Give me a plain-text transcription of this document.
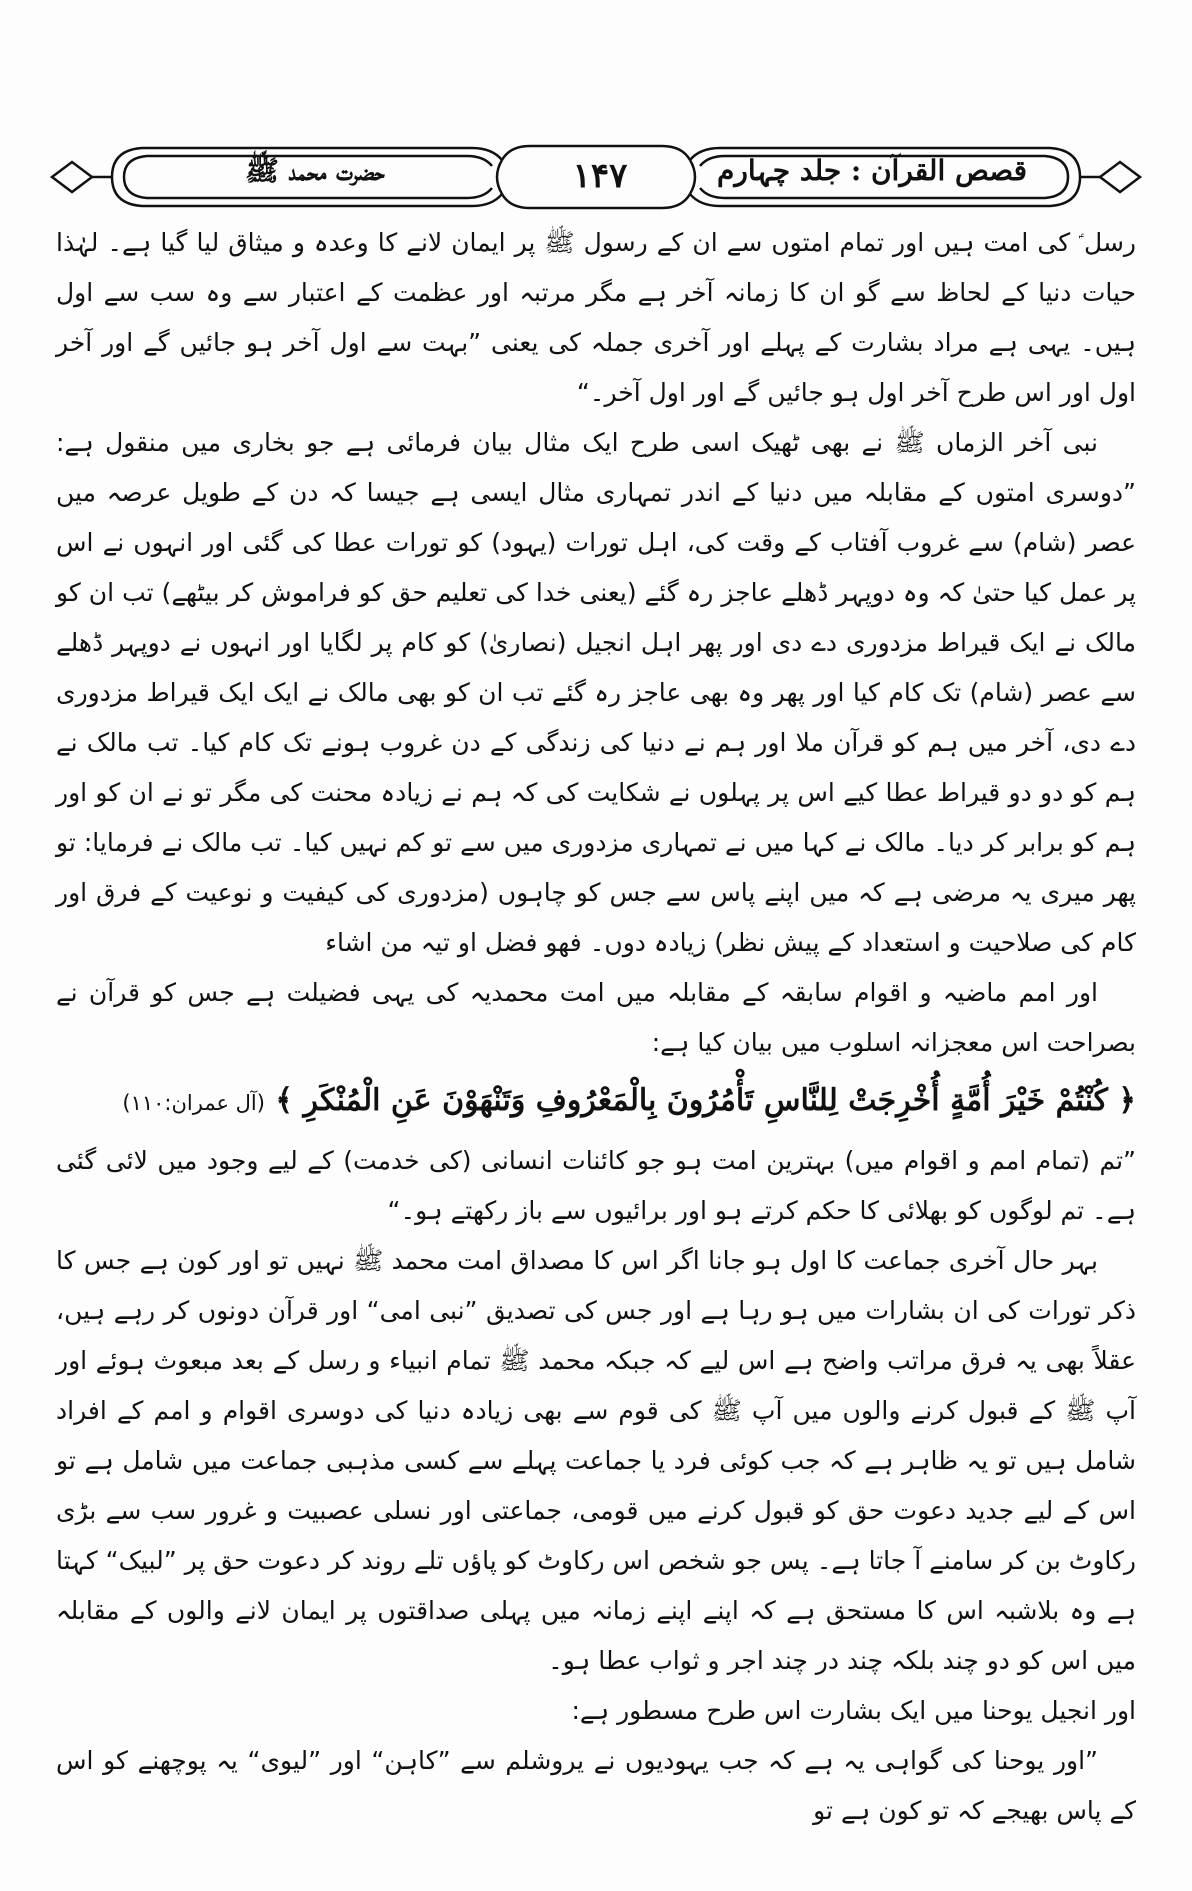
قصص القرآن : جلد چہارم
۱۴۷
حضرت محمد ﷺ

رسل ؑ کی امت ہیں اور تمام امتوں سے ان کے رسول ﷺ پر ایمان لانے کا وعدہ و میثاق لیا گیا ہے۔ لہٰذا حیات دنیا کے لحاظ سے گو ان کا زمانہ آخر ہے مگر مرتبہ اور عظمت کے اعتبار سے وہ سب سے اول ہیں۔ یہی ہے مراد بشارت کے پہلے اور آخری جملہ کی یعنی ”بہت سے اول آخر ہو جائیں گے اور آخر اول اور اس طرح آخر اول ہو جائیں گے اور اول آخر۔“

نبی آخر الزماں ﷺ نے بھی ٹھیک اسی طرح ایک مثال بیان فرمائی ہے جو بخاری میں منقول ہے: ”دوسری امتوں کے مقابلہ میں دنیا کے اندر تمہاری مثال ایسی ہے جیسا کہ دن کے طویل عرصہ میں عصر (شام) سے غروب آفتاب کے وقت کی، اہل تورات (یہود) کو تورات عطا کی گئی اور انہوں نے اس پر عمل کیا حتیٰ کہ وہ دوپہر ڈھلے عاجز رہ گئے (یعنی خدا کی تعلیم حق کو فراموش کر بیٹھے) تب ان کو مالک نے ایک قیراط مزدوری دے دی اور پھر اہل انجیل (نصاریٰ) کو کام پر لگایا اور انہوں نے دوپہر ڈھلے سے عصر (شام) تک کام کیا اور پھر وہ بھی عاجز رہ گئے تب ان کو بھی مالک نے ایک ایک قیراط مزدوری دے دی، آخر میں ہم کو قرآن ملا اور ہم نے دنیا کی زندگی کے دن غروب ہونے تک کام کیا۔ تب مالک نے ہم کو دو دو قیراط عطا کیے اس پر پہلوں نے شکایت کی کہ ہم نے زیادہ محنت کی مگر تو نے ان کو اور ہم کو برابر کر دیا۔ مالک نے کہا میں نے تمہاری مزدوری میں سے تو کم نہیں کیا۔ تب مالک نے فرمایا: تو پھر میری یہ مرضی ہے کہ میں اپنے پاس سے جس کو چاہوں (مزدوری کی کیفیت و نوعیت کے فرق اور کام کی صلاحیت و استعداد کے پیش نظر) زیادہ دوں۔ فھو فضل او تیہ من اشاء

اور امم ماضیہ و اقوام سابقہ کے مقابلہ میں امت محمدیہ کی یہی فضیلت ہے جس کو قرآن نے بصراحت اس معجزانہ اسلوب میں بیان کیا ہے:

﴿ كُنْتُمْ خَيْرَ أُمَّةٍ أُخْرِجَتْ لِلنَّاسِ تَأْمُرُونَ بِالْمَعْرُوفِ وَتَنْهَوْنَ عَنِ الْمُنْكَرِ ﴾ (آل عمران:۱۱۰)

”تم (تمام امم و اقوام میں) بہترین امت ہو جو کائنات انسانی (کی خدمت) کے لیے وجود میں لائی گئی ہے۔ تم لوگوں کو بھلائی کا حکم کرتے ہو اور برائیوں سے باز رکھتے ہو۔“

بہر حال آخری جماعت کا اول ہو جانا اگر اس کا مصداق امت محمد ﷺ نہیں تو اور کون ہے جس کا ذکر تورات کی ان بشارات میں ہو رہا ہے اور جس کی تصدیق ”نبی امی“ اور قرآن دونوں کر رہے ہیں، عقلاً بھی یہ فرق مراتب واضح ہے اس لیے کہ جبکہ محمد ﷺ تمام انبیاء و رسل کے بعد مبعوث ہوئے اور آپ ﷺ کے قبول کرنے والوں میں آپ ﷺ کی قوم سے بھی زیادہ دنیا کی دوسری اقوام و امم کے افراد شامل ہیں تو یہ ظاہر ہے کہ جب کوئی فرد یا جماعت پہلے سے کسی مذہبی جماعت میں شامل ہے تو اس کے لیے جدید دعوت حق کو قبول کرنے میں قومی، جماعتی اور نسلی عصبیت و غرور سب سے بڑی رکاوٹ بن کر سامنے آ جاتا ہے۔ پس جو شخص اس رکاوٹ کو پاؤں تلے روند کر دعوت حق پر ”لبیک“ کہتا ہے وہ بلاشبہ اس کا مستحق ہے کہ اپنے اپنے زمانہ میں پہلی صداقتوں پر ایمان لانے والوں کے مقابلہ میں اس کو دو چند بلکہ چند در چند اجر و ثواب عطا ہو۔

اور انجیل یوحنا میں ایک بشارت اس طرح مسطور ہے:

”اور یوحنا کی گواہی یہ ہے کہ جب یہودیوں نے یروشلم سے ”کاہن“ اور ”لیوی“ یہ پوچھنے کو اس کے پاس بھیجے کہ تو کون ہے تو
